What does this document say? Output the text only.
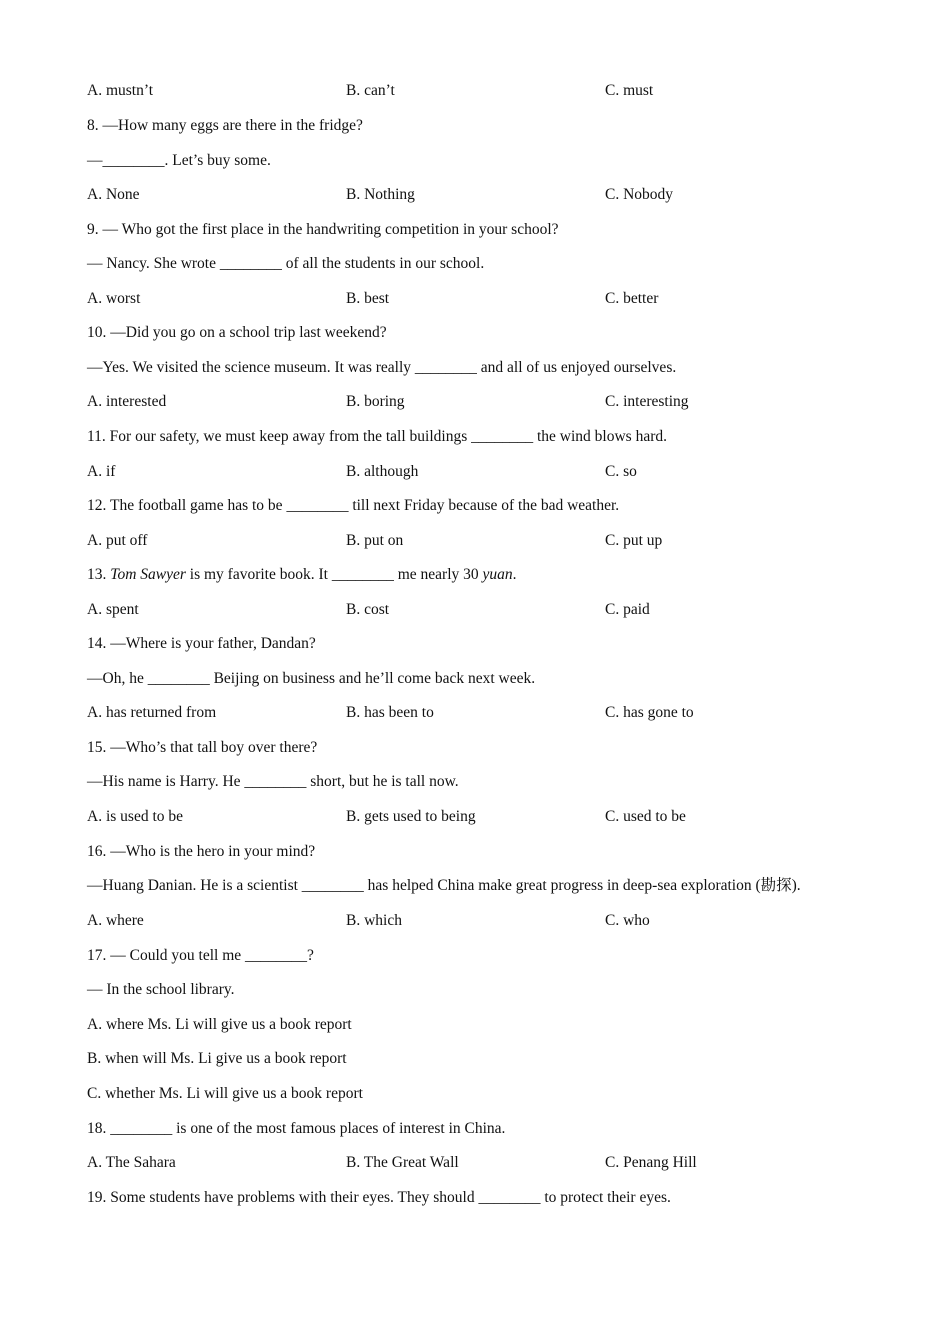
A. mustn’t	B. can’t	C. must
8. —How many eggs are there in the fridge?
—________. Let’s buy some.
A. None	B. Nothing	C. Nobody
9. — Who got the first place in the handwriting competition in your school?
— Nancy. She wrote ________ of all the students in our school.
A. worst	B. best	C. better
10. —Did you go on a school trip last weekend?
—Yes. We visited the science museum. It was really ________ and all of us enjoyed ourselves.
A. interested	B. boring	C. interesting
11. For our safety, we must keep away from the tall buildings ________ the wind blows hard.
A. if	B. although	C. so
12. The football game has to be ________ till next Friday because of the bad weather.
A. put off	B. put on	C. put up
13. Tom Sawyer is my favorite book. It ________ me nearly 30 yuan.
A. spent	B. cost	C. paid
14. —Where is your father, Dandan?
—Oh, he ________ Beijing on business and he’ll come back next week.
A. has returned from	B. has been to	C. has gone to
15. —Who’s that tall boy over there?
—His name is Harry. He ________ short, but he is tall now.
A. is used to be	B. gets used to being	C. used to be
16. —Who is the hero in your mind?
—Huang Danian. He is a scientist ________ has helped China make great progress in deep-sea exploration (勘探).
A. where	B. which	C. who
17. — Could you tell me ________?
— In the school library.
A. where Ms. Li will give us a book report
B. when will Ms. Li give us a book report
C. whether Ms. Li will give us a book report
18. ________ is one of the most famous places of interest in China.
A. The Sahara	B. The Great Wall	C. Penang Hill
19. Some students have problems with their eyes. They should ________ to protect their eyes.
